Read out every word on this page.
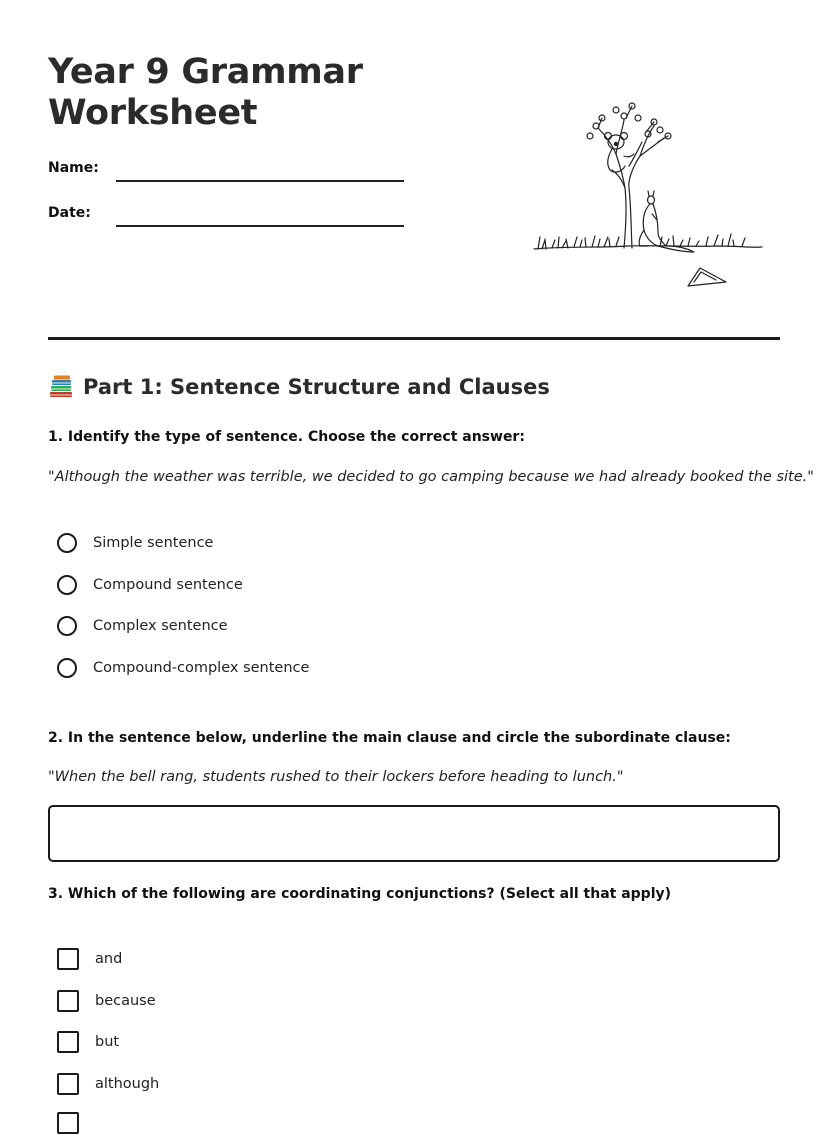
Year 9 Grammar
Worksheet
Name:
Date:
Part 1: Sentence Structure and Clauses
1. Identify the type of sentence. Choose the correct answer:
"Although the weather was terrible, we decided to go camping because we had already booked the site."
Simple sentence
Compound sentence
Complex sentence
Compound-complex sentence
2. In the sentence below, underline the main clause and circle the subordinate clause:
"When the bell rang, students rushed to their lockers before heading to lunch."
3. Which of the following are coordinating conjunctions? (Select all that apply)
and
because
but
although
